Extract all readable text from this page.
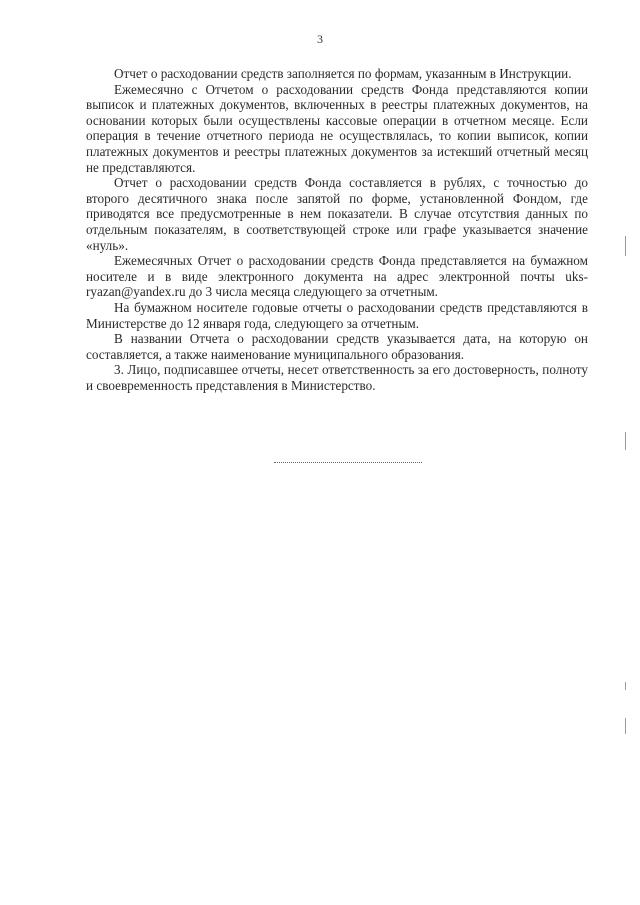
3

Отчет о расходовании средств заполняется по формам, указанным в Инструкции.

Ежемесячно с Отчетом о расходовании средств Фонда представляются копии выписок и платежных документов, включенных в реестры платежных документов, на основании которых были осуществлены кассовые операции в отчетном месяце. Если операция в течение отчетного периода не осуществлялась, то копии выписок, копии платежных документов и реестры платежных документов за истекший отчетный месяц не представляются.

Отчет о расходовании средств Фонда составляется в рублях, с точностью до второго десятичного знака после запятой по форме, установленной Фондом, где приводятся все предусмотренные в нем показатели. В случае отсутствия данных по отдельным показателям, в соответствующей строке или графе указывается значение «нуль».

Ежемесячных Отчет о расходовании средств Фонда представляется на бумажном носителе и в виде электронного документа на адрес электронной почты uks-ryazan@yandex.ru до 3 числа месяца следующего за отчетным.

На бумажном носителе годовые отчеты о расходовании средств представляются в Министерстве до 12 января года, следующего за отчетным.

В названии Отчета о расходовании средств указывается дата, на которую он составляется, а также наименование муниципального образования.

3. Лицо, подписавшее отчеты, несет ответственность за его достоверность, полноту и своевременность представления в Министерство.
